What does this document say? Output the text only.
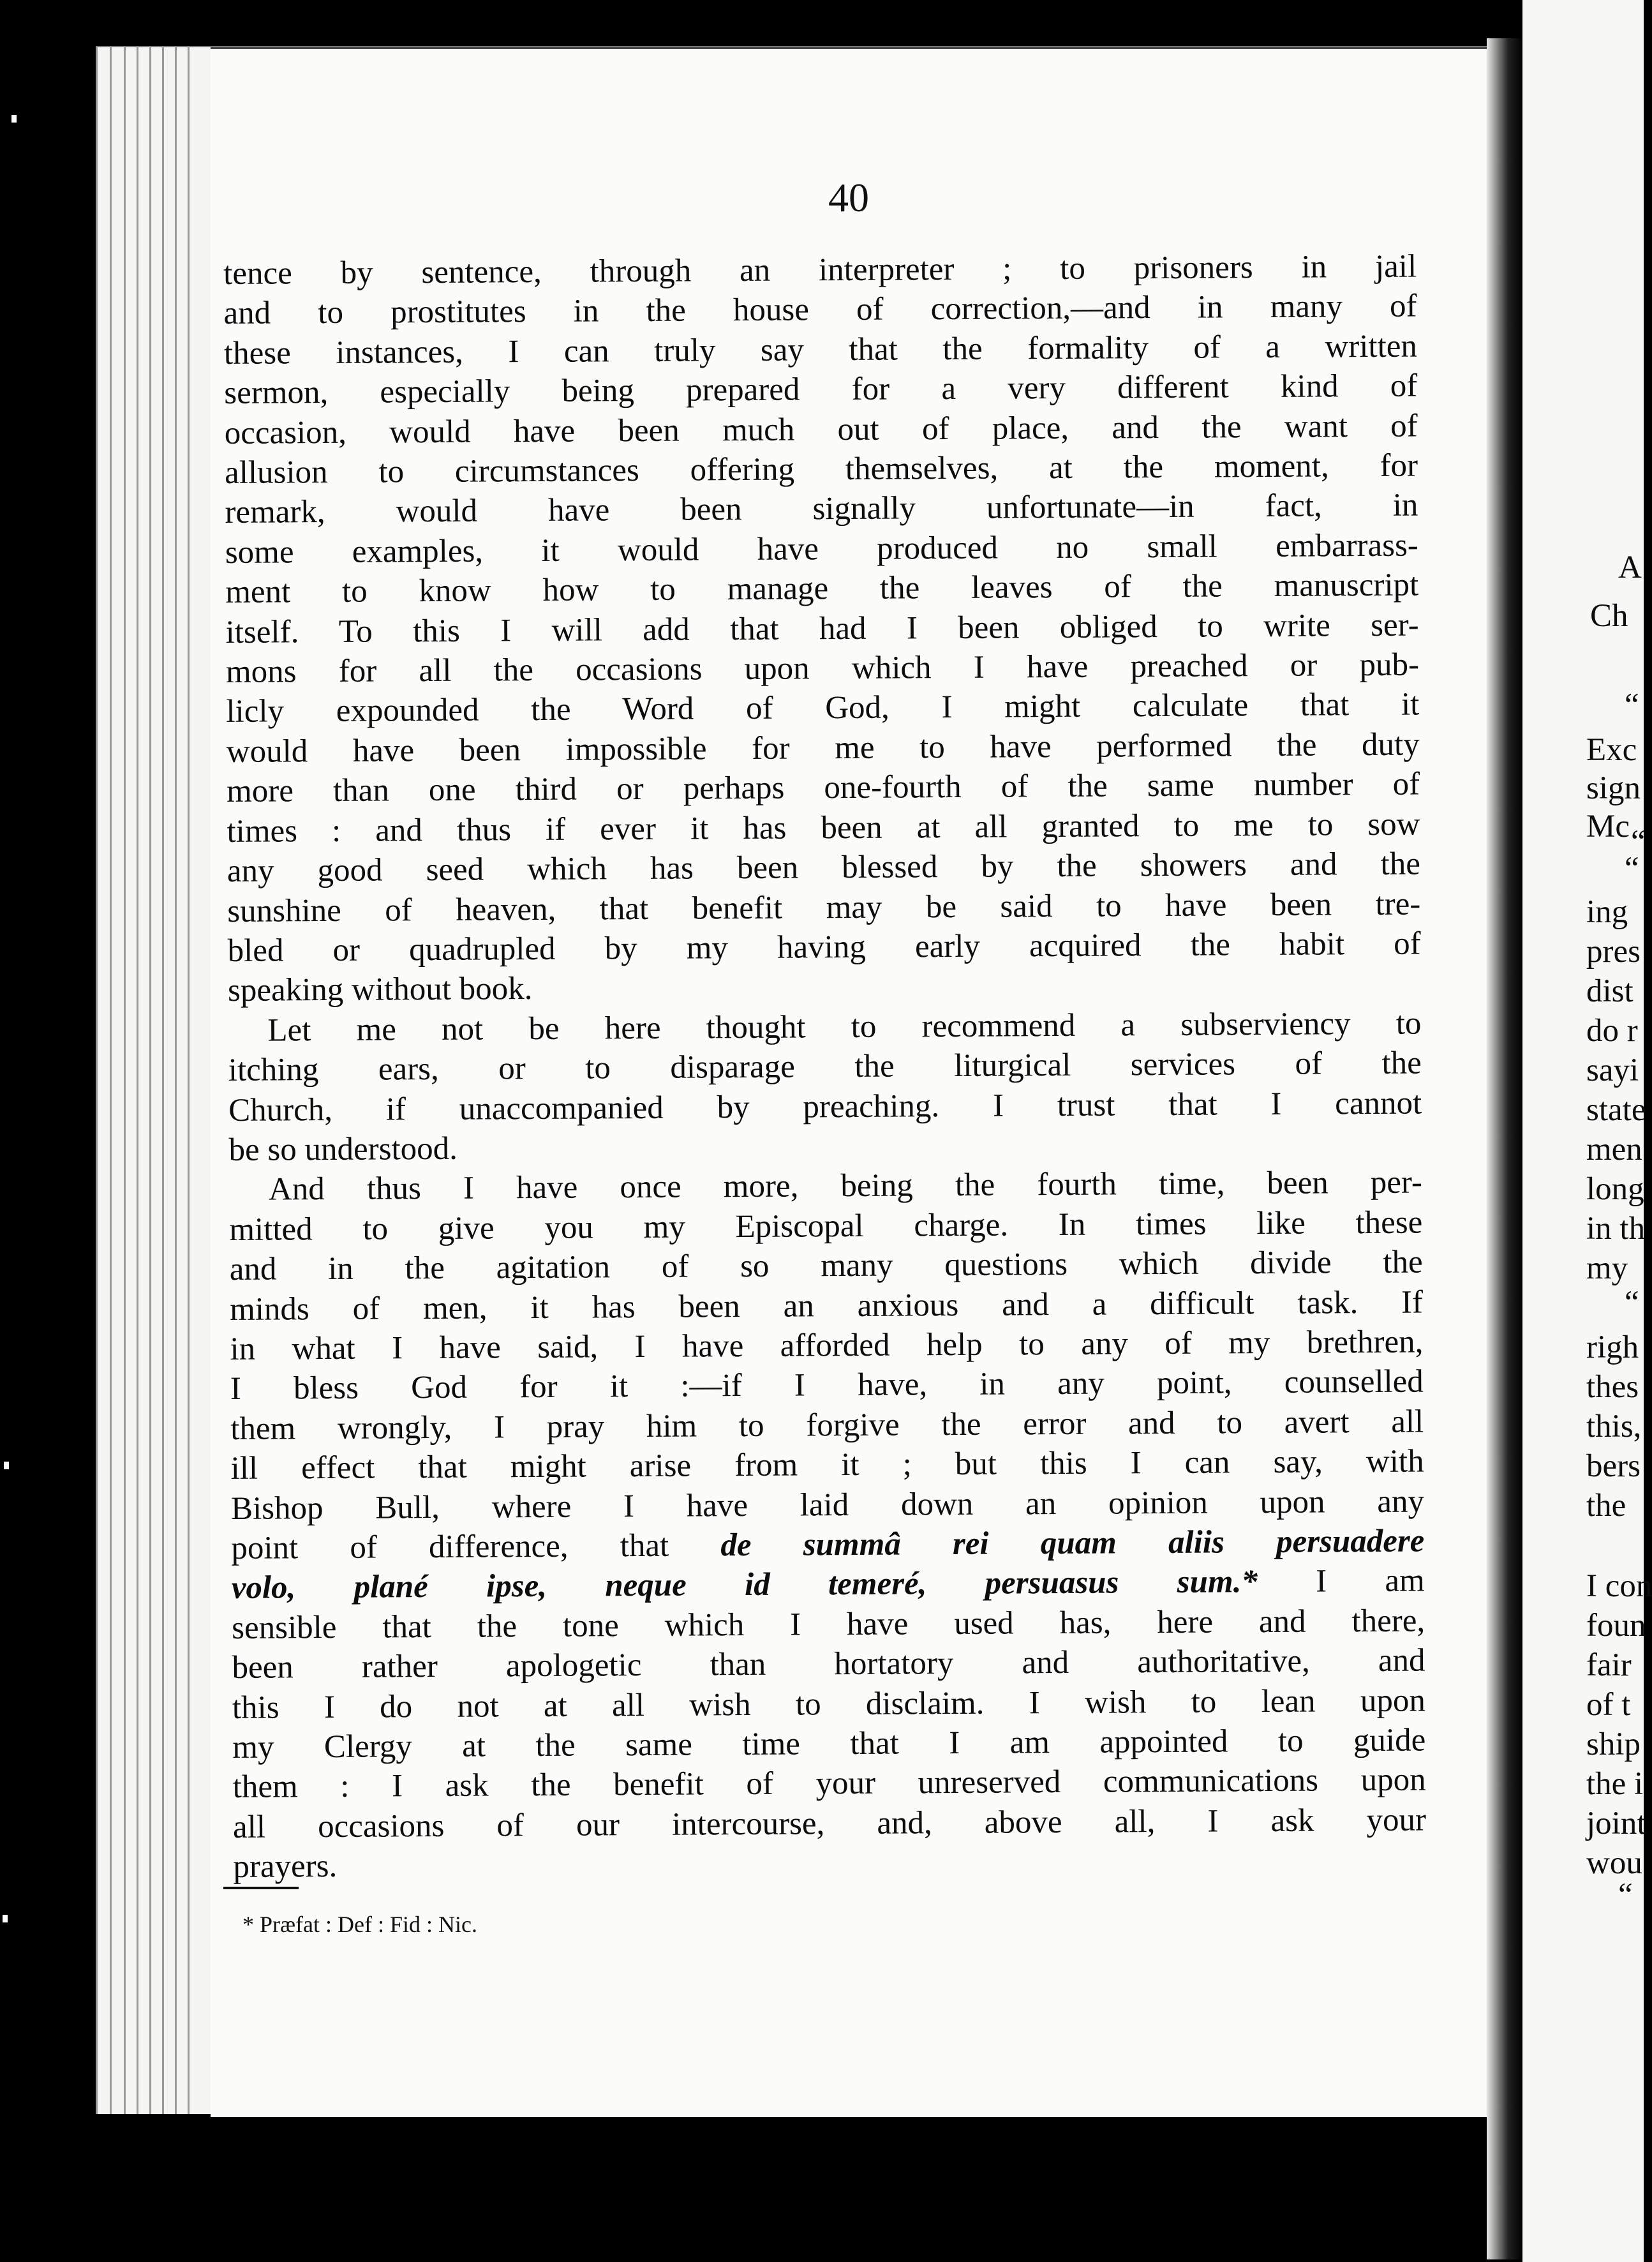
40
tence by sentence, through an interpreter ; to prisoners in jail
and to prostitutes in the house of correction,—and in many of
these instances, I can truly say that the formality of a written
sermon, especially being prepared for a very different kind of
occasion, would have been much out of place, and the want of
allusion to circumstances offering themselves, at the moment, for
remark, would have been signally unfortunate—in fact, in
some examples, it would have produced no small embarrass-
ment to know how to manage the leaves of the manuscript
itself. To this I will add that had I been obliged to write ser-
mons for all the occasions upon which I have preached or pub-
licly expounded the Word of God, I might calculate that it
would have been impossible for me to have performed the duty
more than one third or perhaps one-fourth of the same number of
times : and thus if ever it has been at all granted to me to sow
any good seed which has been blessed by the showers and the
sunshine of heaven, that benefit may be said to have been tre-
bled or quadrupled by my having early acquired the habit of
speaking without book.
Let me not be here thought to recommend a subserviency to
itching ears, or to disparage the liturgical services of the
Church, if unaccompanied by preaching. I trust that I cannot
be so understood.
And thus I have once more, being the fourth time, been per-
mitted to give you my Episcopal charge. In times like these
and in the agitation of so many questions which divide the
minds of men, it has been an anxious and a difficult task. If
in what I have said, I have afforded help to any of my brethren,
I bless God for it :—if I have, in any point, counselled
them wrongly, I pray him to forgive the error and to avert all
ill effect that might arise from it ; but this I can say, with
Bishop Bull, where I have laid down an opinion upon any
point of difference, that de summâ rei quam aliis persuadere
volo, plané ipse, neque id temeré, persuasus sum.* I am
sensible that the tone which I have used has, here and there,
been rather apologetic than hortatory and authoritative, and
this I do not at all wish to disclaim. I wish to lean upon
my Clergy at the same time that I am appointed to guide
them : I ask the benefit of your unreserved communications upon
all occasions of our intercourse, and, above all, I ask your
prayers.
* Præfat : Def : Fid : Nic.
A
Ch
“
Exc
sign
Mc “
“
ing
pres
dist
do r
sayi
state
men
long
in th
my
“
righ
thes
this,
bers
the
I con
foun
fair
of t
ship
the i
joint
wou
“
